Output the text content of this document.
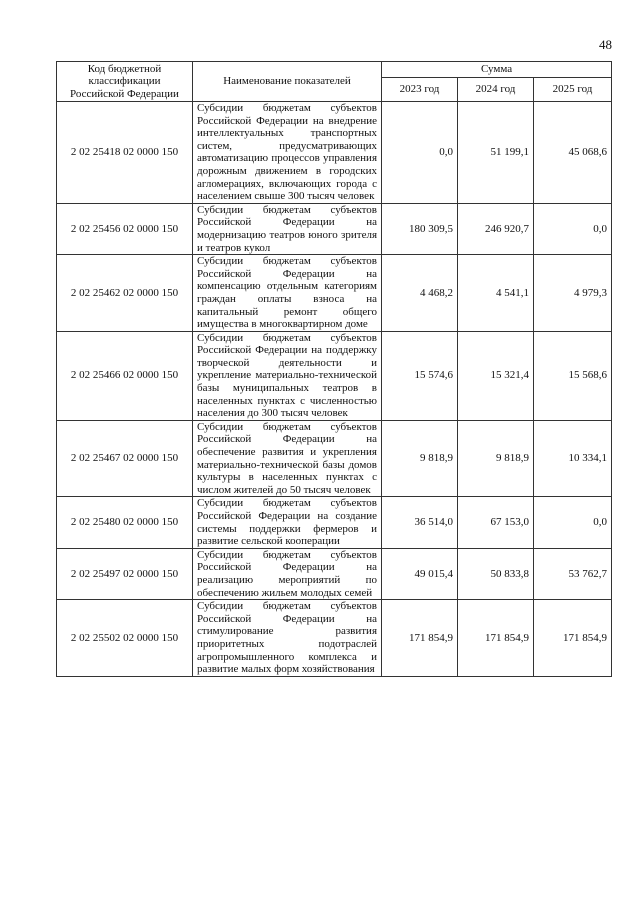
48
Код бюджетной классификации Российской Федерации	Наименование показателей	Сумма		
		2023 год	2024 год	2025 год
2 02 25418 02 0000 150	Субсидии бюджетам субъектов Российской Федерации на внедрение интеллектуальных транспортных систем, предусматривающих автоматизацию процессов управления дорожным движением в городских агломерациях, включающих города с населением свыше 300 тысяч человек	0,0	51 199,1	45 068,6
2 02 25456 02 0000 150	Субсидии бюджетам субъектов Российской Федерации на модернизацию театров юного зрителя и театров кукол	180 309,5	246 920,7	0,0
2 02 25462 02 0000 150	Субсидии бюджетам субъектов Российской Федерации на компенсацию отдельным категориям граждан оплаты взноса на капитальный ремонт общего имущества в многоквартирном доме	4 468,2	4 541,1	4 979,3
2 02 25466 02 0000 150	Субсидии бюджетам субъектов Российской Федерации на поддержку творческой деятельности и укрепление материально-технической базы муниципальных театров в населенных пунктах с численностью населения до 300 тысяч человек	15 574,6	15 321,4	15 568,6
2 02 25467 02 0000 150	Субсидии бюджетам субъектов Российской Федерации на обеспечение развития и укрепления материально-технической базы домов культуры в населенных пунктах с числом жителей до 50 тысяч человек	9 818,9	9 818,9	10 334,1
2 02 25480 02 0000 150	Субсидии бюджетам субъектов Российской Федерации на создание системы поддержки фермеров и развитие сельской кооперации	36 514,0	67 153,0	0,0
2 02 25497 02 0000 150	Субсидии бюджетам субъектов Российской Федерации на реализацию мероприятий по обеспечению жильем молодых семей	49 015,4	50 833,8	53 762,7
2 02 25502 02 0000 150	Субсидии бюджетам субъектов Российской Федерации на стимулирование развития приоритетных подотраслей агропромышленного комплекса и развитие малых форм хозяйствования	171 854,9	171 854,9	171 854,9
